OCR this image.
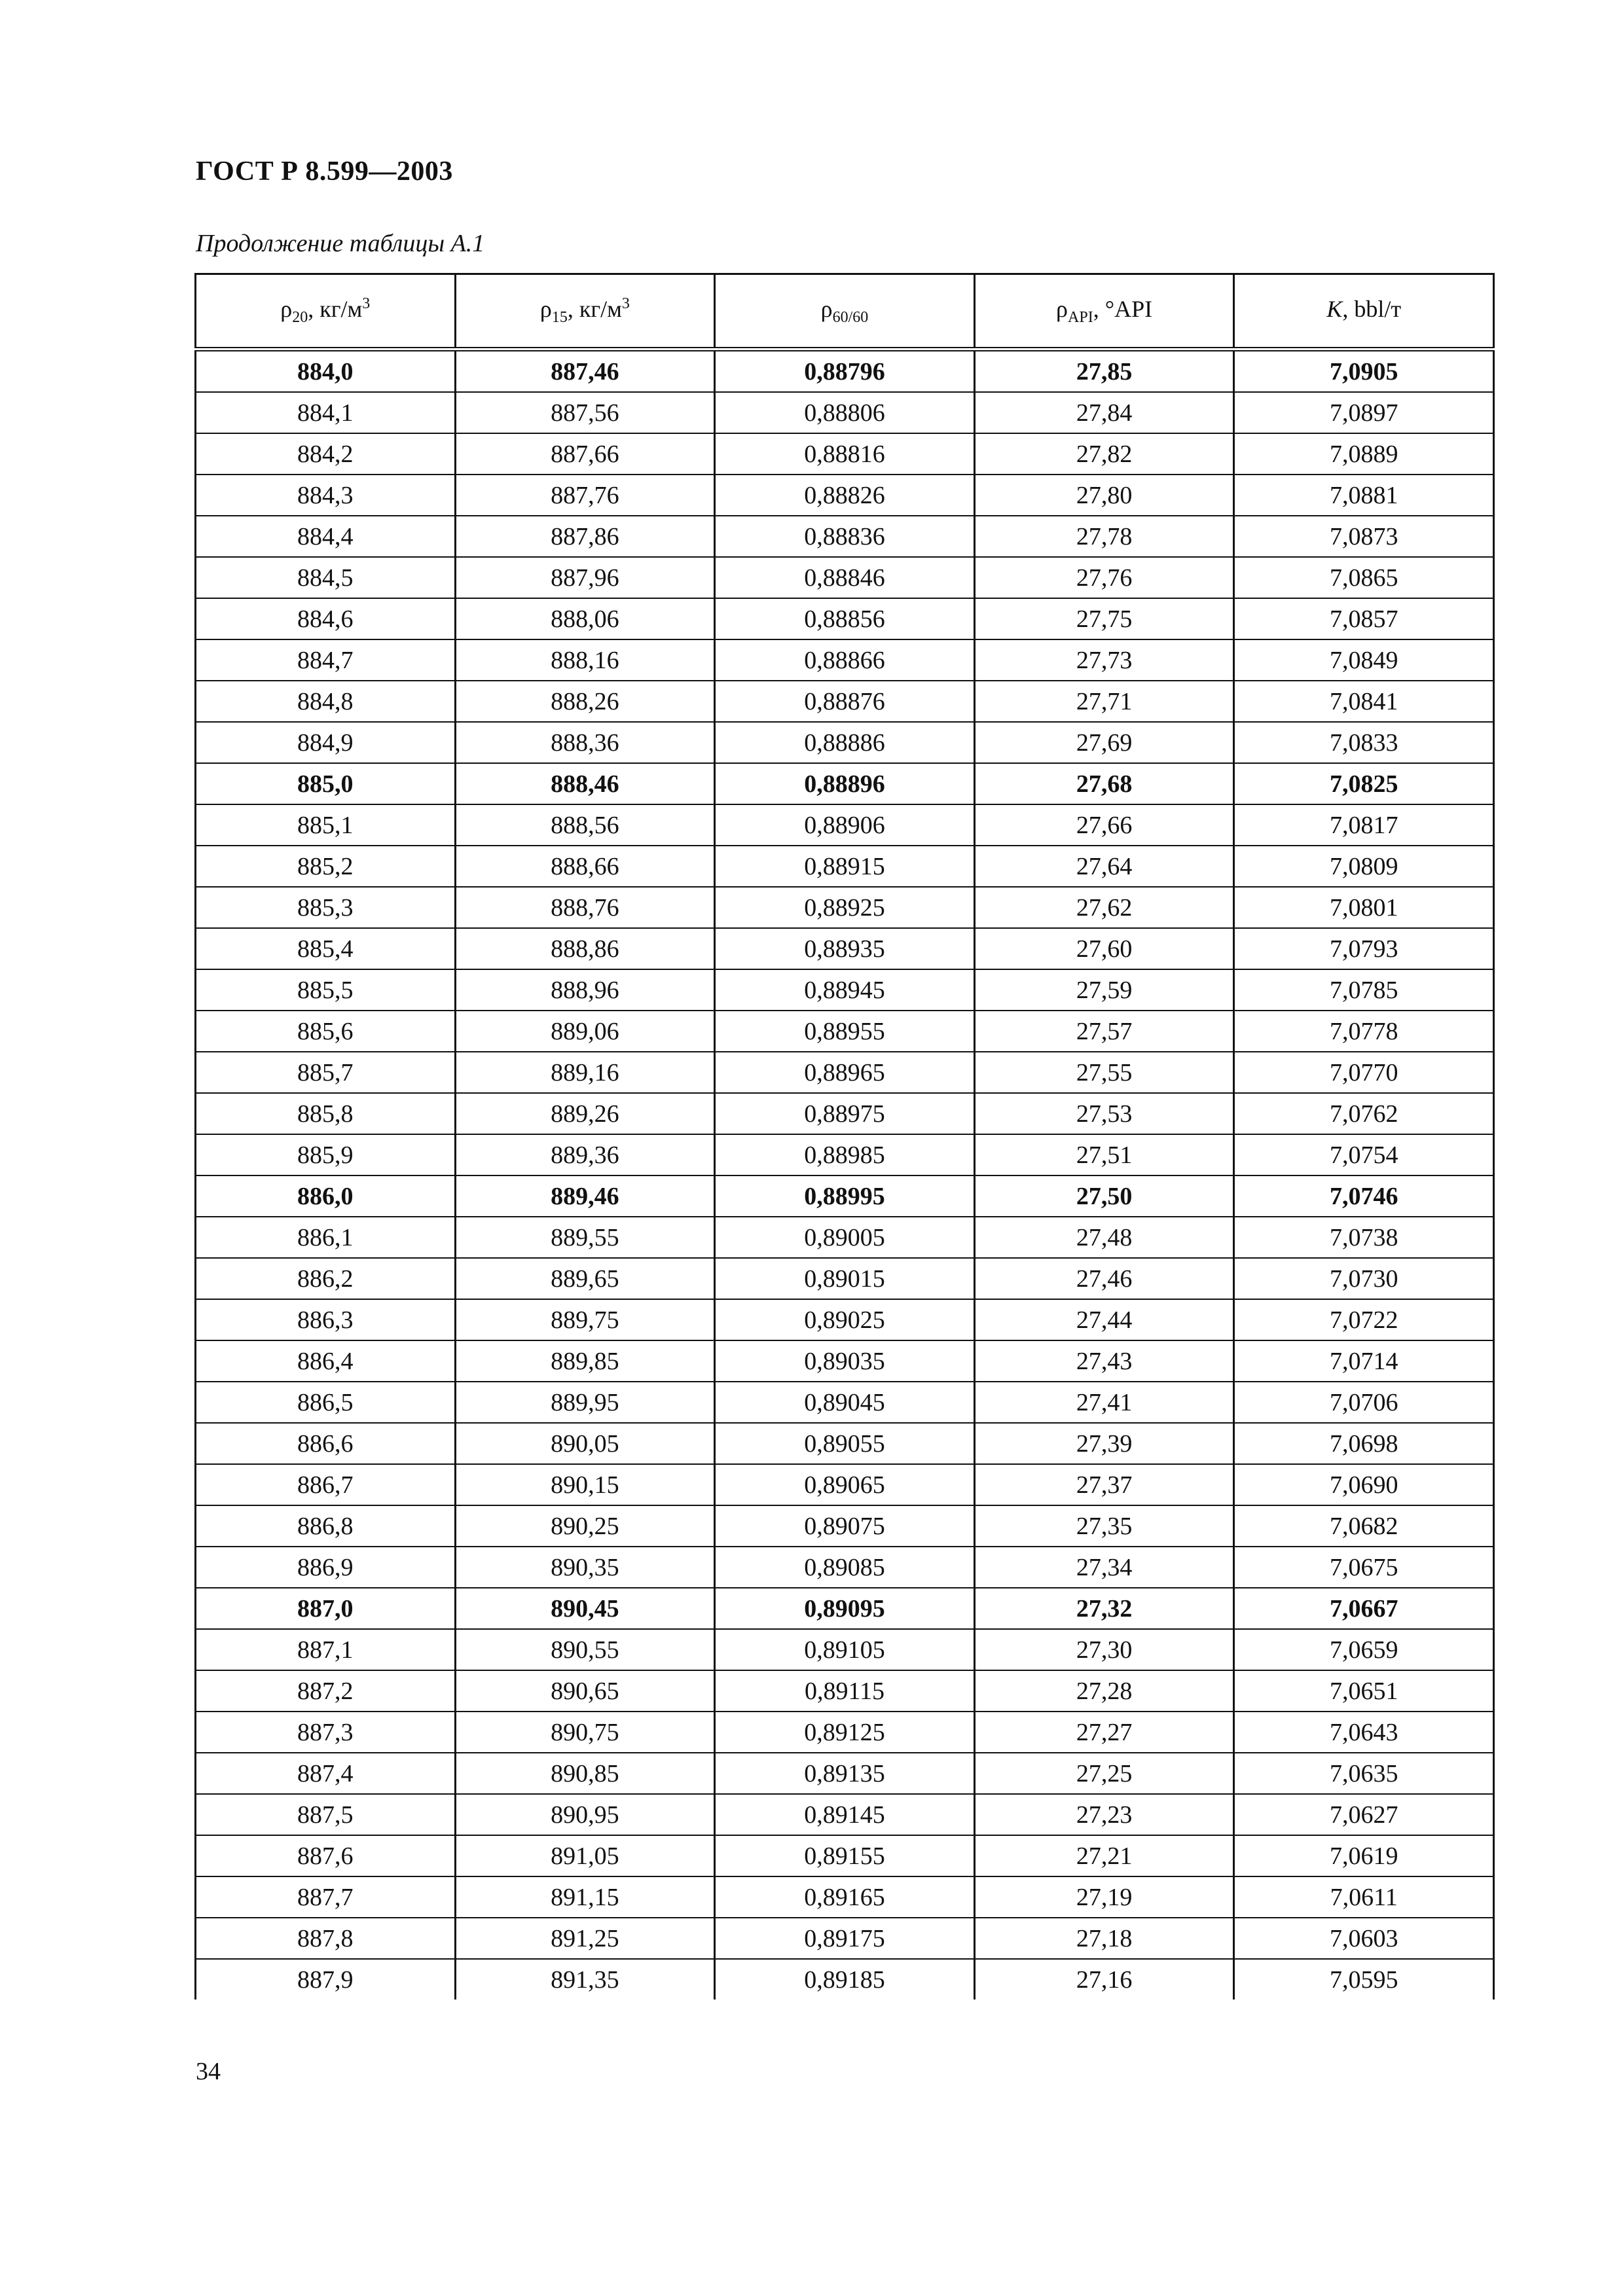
ГОСТ Р 8.599—2003
Продолжение таблицы А.1
$\rho_{20}$, $кг/м^3$	$\rho_{15}$, $кг/м^3$	$\rho_{60/60}$	$\rho_{API}$, °API	K, bbl/т
884,0	887,46	0,88796	27,85	7,0905
884,1	887,56	0,88806	27,84	7,0897
884,2	887,66	0,88816	27,82	7,0889
884,3	887,76	0,88826	27,80	7,0881
884,4	887,86	0,88836	27,78	7,0873
884,5	887,96	0,88846	27,76	7,0865
884,6	888,06	0,88856	27,75	7,0857
884,7	888,16	0,88866	27,73	7,0849
884,8	888,26	0,88876	27,71	7,0841
884,9	888,36	0,88886	27,69	7,0833
885,0	888,46	0,88896	27,68	7,0825
885,1	888,56	0,88906	27,66	7,0817
885,2	888,66	0,88915	27,64	7,0809
885,3	888,76	0,88925	27,62	7,0801
885,4	888,86	0,88935	27,60	7,0793
885,5	888,96	0,88945	27,59	7,0785
885,6	889,06	0,88955	27,57	7,0778
885,7	889,16	0,88965	27,55	7,0770
885,8	889,26	0,88975	27,53	7,0762
885,9	889,36	0,88985	27,51	7,0754
886,0	889,46	0,88995	27,50	7,0746
886,1	889,55	0,89005	27,48	7,0738
886,2	889,65	0,89015	27,46	7,0730
886,3	889,75	0,89025	27,44	7,0722
886,4	889,85	0,89035	27,43	7,0714
886,5	889,95	0,89045	27,41	7,0706
886,6	890,05	0,89055	27,39	7,0698
886,7	890,15	0,89065	27,37	7,0690
886,8	890,25	0,89075	27,35	7,0682
886,9	890,35	0,89085	27,34	7,0675
887,0	890,45	0,89095	27,32	7,0667
887,1	890,55	0,89105	27,30	7,0659
887,2	890,65	0,89115	27,28	7,0651
887,3	890,75	0,89125	27,27	7,0643
887,4	890,85	0,89135	27,25	7,0635
887,5	890,95	0,89145	27,23	7,0627
887,6	891,05	0,89155	27,21	7,0619
887,7	891,15	0,89165	27,19	7,0611
887,8	891,25	0,89175	27,18	7,0603
887,9	891,35	0,89185	27,16	7,0595
34
